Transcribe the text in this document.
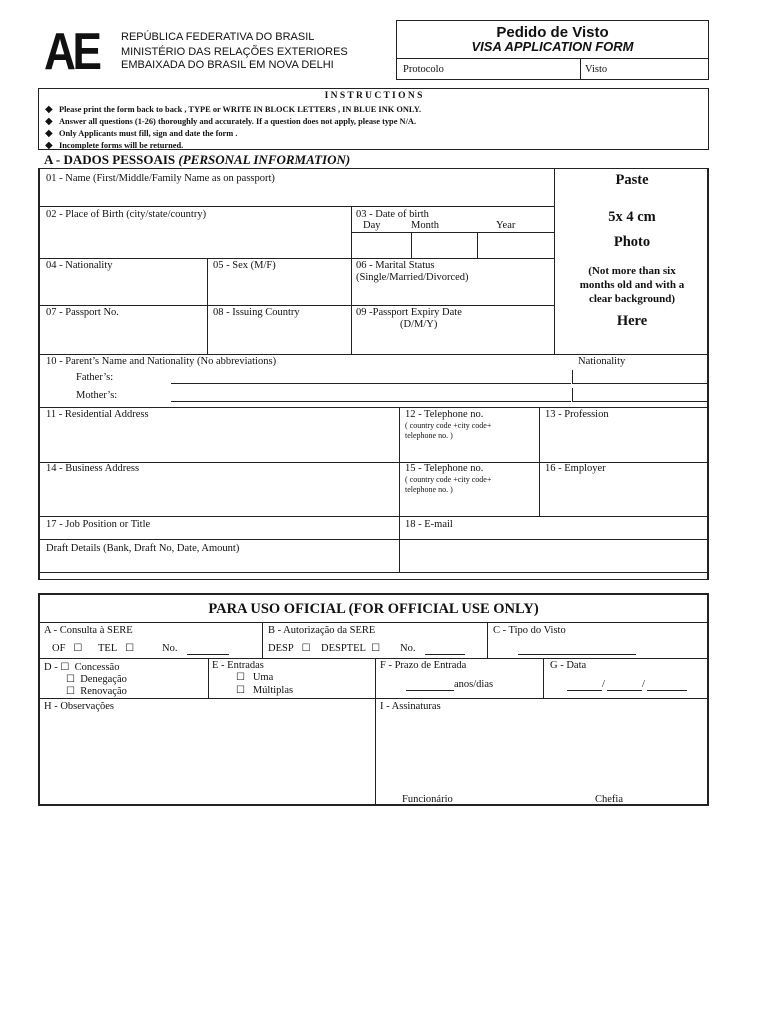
AE REPÚBLICA FEDERATIVA DO BRASIL
MINISTÉRIO DAS RELAÇÕES EXTERIORES
EMBAIXADA DO BRASIL EM NOVA DELHI
Pedido de Visto
VISA APPLICATION FORM
Protocolo	Visto
I N S T R U C T I O N S
◆ Please print the form back to back , TYPE or WRITE IN BLOCK LETTERS , IN BLUE INK ONLY.
◆ Answer all questions (1-26) thoroughly and accurately. If a question does not apply, please type N/A.
◆ Only Applicants must fill, sign and date the form .
◆ Incomplete forms will be returned.
A - DADOS PESSOAIS (PERSONAL INFORMATION)
Paste
5x 4 cm
Photo
(Not more than six
months old and with a
clear background)
Here
01 - Name (First/Middle/Family Name as on passport)
02 - Place of Birth (city/state/country)	03 - Date of birth
Day	Month	Year
04 - Nationality	05 - Sex (M/F)	06 - Marital Status
(Single/Married/Divorced)
07 - Passport No.	08 - Issuing Country	09 -Passport Expiry Date
(D/M/Y)
10 - Parent’s Name and Nationality (No abbreviations)	Nationality
Father’s:
Mother’s:
11 - Residential Address	12 - Telephone no.
( country code +city code+
telephone no. )
13 - Profession
14 - Business Address	15 - Telephone no.
( country code +city code+
telephone no. )
16 - Employer
17 - Job Position or Title	18 - E-mail
Draft Details (Bank, Draft No, Date, Amount)
PARA USO OFICIAL (FOR OFFICIAL USE ONLY)
A - Consulta à SERE	B - Autorização da SERE	C - Tipo do Visto
OF ☐ TEL ☐	No.	DESP ☐ DESPTEL ☐ No.
D - ☐ Concessão
☐ Denegação
☐ Renovação
E - Entradas
☐ Uma
☐ Múltiplas
F - Prazo de Entrada
anos/dias
G - Data
/	/
H - Observações	I - Assinaturas
Funcionário	Chefia
